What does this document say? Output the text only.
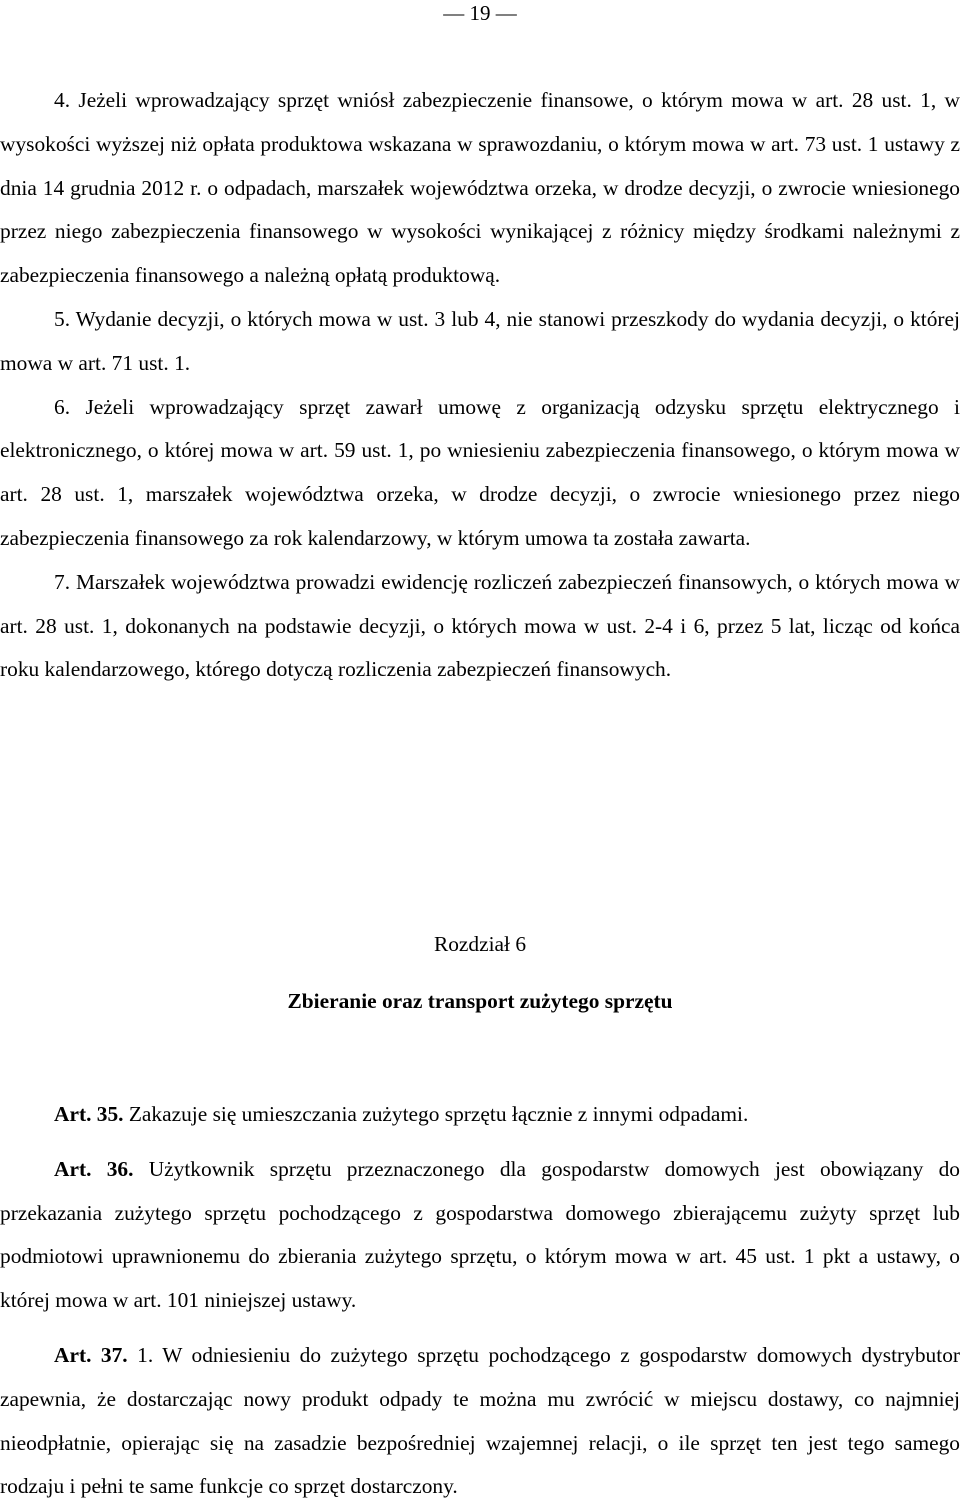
— 19 —

4. Jeżeli wprowadzający sprzęt wniósł zabezpieczenie finansowe, o którym mowa w art. 28 ust. 1, w wysokości wyższej niż opłata produktowa wskazana w sprawozdaniu, o którym mowa w art. 73 ust. 1 ustawy z dnia 14 grudnia 2012 r. o odpadach, marszałek województwa orzeka, w drodze decyzji, o zwrocie wniesionego przez niego zabezpieczenia finansowego w wysokości wynikającej z różnicy między środkami należnymi z zabezpieczenia finansowego a należną opłatą produktową.

5. Wydanie decyzji, o których mowa w ust. 3 lub 4, nie stanowi przeszkody do wydania decyzji, o której mowa w art. 71 ust. 1.

6. Jeżeli wprowadzający sprzęt zawarł umowę z organizacją odzysku sprzętu elektrycznego i elektronicznego, o której mowa w art. 59 ust. 1, po wniesieniu zabezpieczenia finansowego, o którym mowa w art. 28 ust. 1, marszałek województwa orzeka, w drodze decyzji, o zwrocie wniesionego przez niego zabezpieczenia finansowego za rok kalendarzowy, w którym umowa ta została zawarta.

7. Marszałek województwa prowadzi ewidencję rozliczeń zabezpieczeń finansowych, o których mowa w art. 28 ust. 1, dokonanych na podstawie decyzji, o których mowa w ust. 2-4 i 6, przez 5 lat, licząc od końca roku kalendarzowego, którego dotyczą rozliczenia zabezpieczeń finansowych.

Rozdział 6
Zbieranie oraz transport zużytego sprzętu

Art. 35. Zakazuje się umieszczania zużytego sprzętu łącznie z innymi odpadami.

Art. 36. Użytkownik sprzętu przeznaczonego dla gospodarstw domowych jest obowiązany do przekazania zużytego sprzętu pochodzącego z gospodarstwa domowego zbierającemu zużyty sprzęt lub podmiotowi uprawnionemu do zbierania zużytego sprzętu, o którym mowa w art. 45 ust. 1 pkt a ustawy, o której mowa w art. 101 niniejszej ustawy.

Art. 37. 1. W odniesieniu do zużytego sprzętu pochodzącego z gospodarstw domowych dystrybutor zapewnia, że dostarczając nowy produkt odpady te można mu zwrócić w miejscu dostawy, co najmniej nieodpłatnie, opierając się na zasadzie bezpośredniej wzajemnej relacji, o ile sprzęt ten jest tego samego rodzaju i pełni te same funkcje co sprzęt dostarczony.
